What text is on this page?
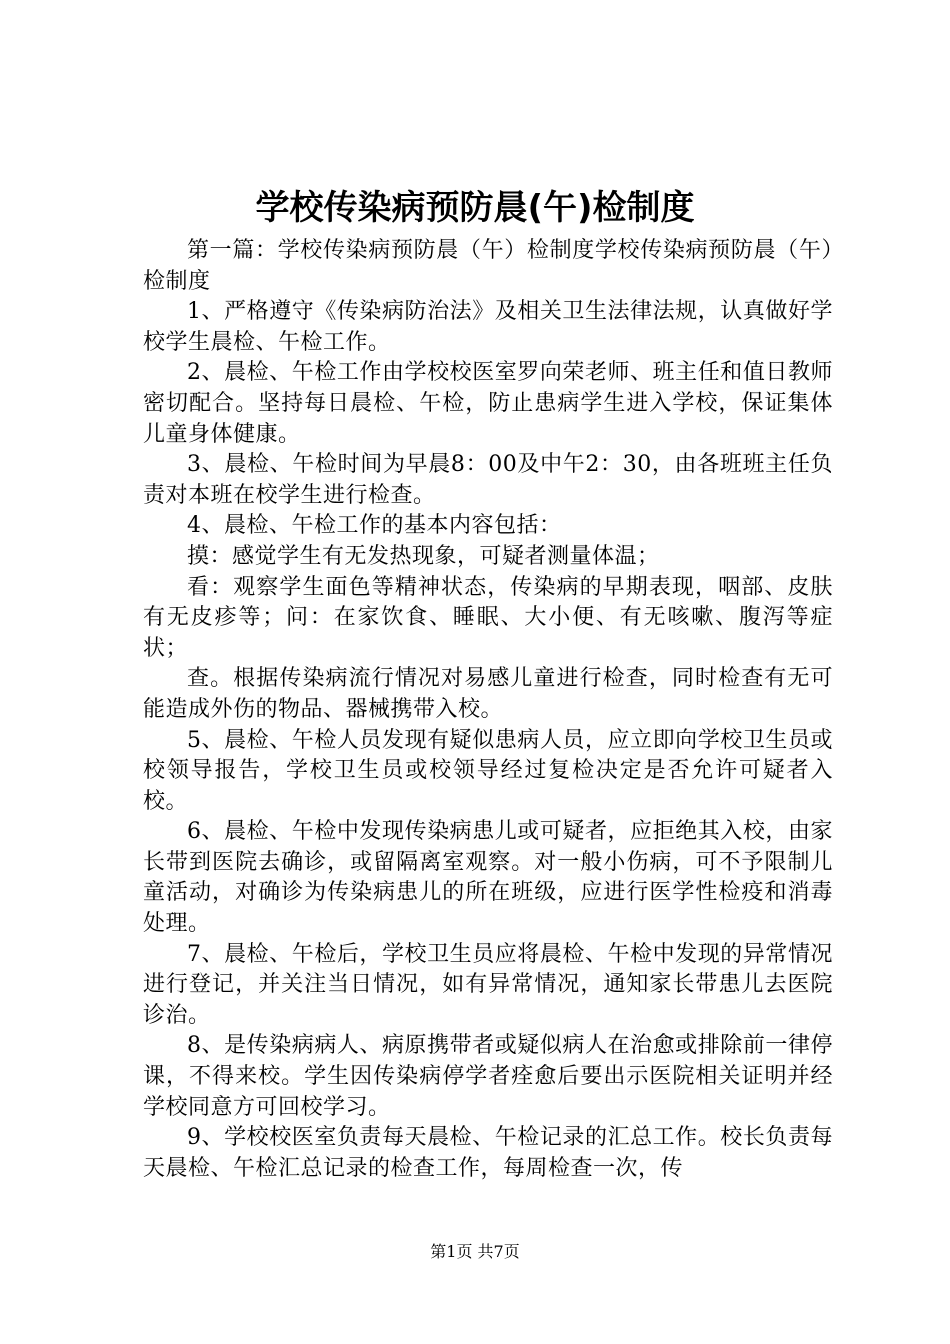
学校传染病预防晨(午)检制度

第一篇：学校传染病预防晨（午）检制度学校传染病预防晨（午）检制度

1、严格遵守《传染病防治法》及相关卫生法律法规，认真做好学校学生晨检、午检工作。

2、晨检、午检工作由学校校医室罗向荣老师、班主任和值日教师密切配合。坚持每日晨检、午检，防止患病学生进入学校，保证集体儿童身体健康。

3、晨检、午检时间为早晨8：00及中午2：30，由各班班主任负责对本班在校学生进行检查。

4、晨检、午检工作的基本内容包括：

摸：感觉学生有无发热现象，可疑者测量体温；

看：观察学生面色等精神状态，传染病的早期表现，咽部、皮肤有无皮疹等；问：在家饮食、睡眠、大小便、有无咳嗽、腹泻等症状；

查。根据传染病流行情况对易感儿童进行检查，同时检查有无可能造成外伤的物品、器械携带入校。

5、晨检、午检人员发现有疑似患病人员，应立即向学校卫生员或校领导报告，学校卫生员或校领导经过复检决定是否允许可疑者入校。

6、晨检、午检中发现传染病患儿或可疑者，应拒绝其入校，由家长带到医院去确诊，或留隔离室观察。对一般小伤病，可不予限制儿童活动，对确诊为传染病患儿的所在班级，应进行医学性检疫和消毒处理。

7、晨检、午检后，学校卫生员应将晨检、午检中发现的异常情况进行登记，并关注当日情况，如有异常情况，通知家长带患儿去医院诊治。

8、是传染病病人、病原携带者或疑似病人在治愈或排除前一律停课，不得来校。学生因传染病停学者痊愈后要出示医院相关证明并经学校同意方可回校学习。

9、学校校医室负责每天晨检、午检记录的汇总工作。校长负责每天晨检、午检汇总记录的检查工作，每周检查一次，传

第1页 共7页
